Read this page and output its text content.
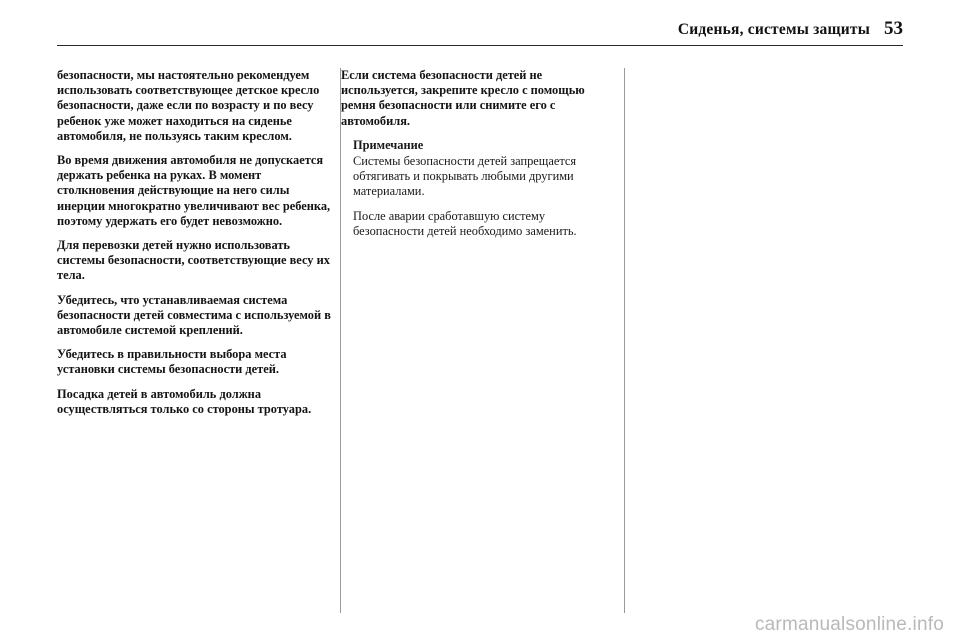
Сиденья, системы защиты 53

безопасности, мы настоятельно рекомендуем использовать соответствующее детское кресло безопасности, даже если по возрасту и по весу ребенок уже может находиться на сиденье автомобиля, не пользуясь таким креслом.

Во время движения автомобиля не допускается держать ребенка на руках. В момент столкновения действующие на него силы инерции многократно увеличивают вес ребенка, поэтому удержать его будет невозможно.

Для перевозки детей нужно использовать системы безопасности, соответствующие весу их тела.

Убедитесь, что устанавливаемая система безопасности детей совместима с используемой в автомобиле системой креплений.

Убедитесь в правильности выбора места установки системы безопасности детей.

Посадка детей в автомобиль должна осуществляться только со стороны тротуара.

Если система безопасности детей не используется, закрепите кресло с помощью ремня безопасности или снимите его с автомобиля.

Примечание

Системы безопасности детей запрещается обтягивать и покрывать любыми другими материалами.

После аварии сработавшую систему безопасности детей необходимо заменить.

carmanualsonline.info
